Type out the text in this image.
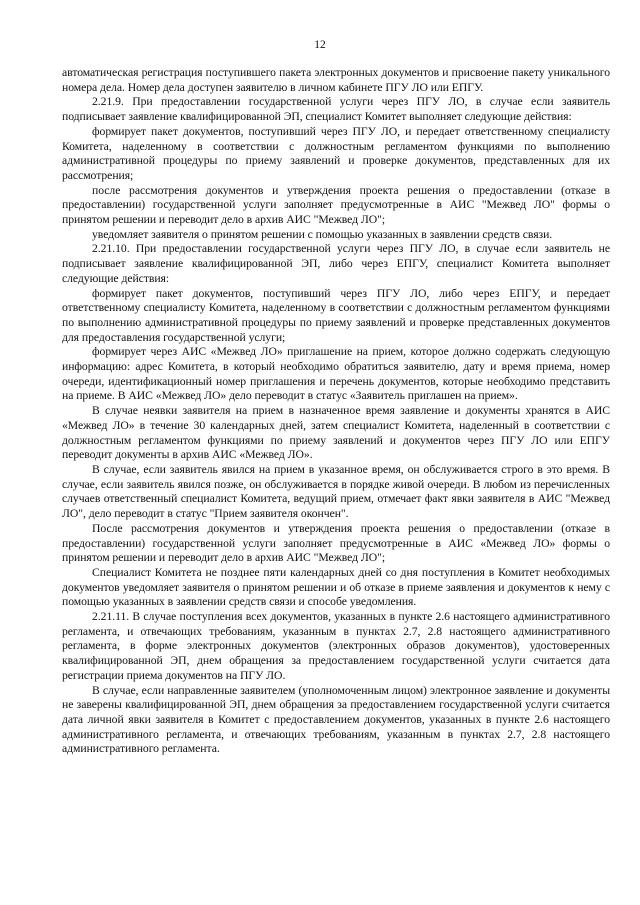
12

автоматическая регистрация поступившего пакета электронных документов и присвоение пакету уникального номера дела. Номер дела доступен заявителю в личном кабинете ПГУ ЛО или ЕПГУ.

2.21.9. При предоставлении государственной услуги через ПГУ ЛО, в случае если заявитель подписывает заявление квалифицированной ЭП, специалист Комитет выполняет следующие действия:

формирует пакет документов, поступивший через ПГУ ЛО, и передает ответственному специалисту Комитета, наделенному в соответствии с должностным регламентом функциями по выполнению административной процедуры по приему заявлений и проверке документов, представленных для их рассмотрения;

после рассмотрения документов и утверждения проекта решения о предоставлении (отказе в предоставлении) государственной услуги заполняет предусмотренные в АИС "Межвед ЛО" формы о принятом решении и переводит дело в архив АИС "Межвед ЛО";

уведомляет заявителя о принятом решении с помощью указанных в заявлении средств связи.

2.21.10. При предоставлении государственной услуги через ПГУ ЛО, в случае если заявитель не подписывает заявление квалифицированной ЭП, либо через ЕПГУ, специалист Комитета выполняет следующие действия:

формирует пакет документов, поступивший через ПГУ ЛО, либо через ЕПГУ, и передает ответственному специалисту Комитета, наделенному в соответствии с должностным регламентом функциями по выполнению административной процедуры по приему заявлений и проверке представленных документов для предоставления государственной услуги;

формирует через АИС «Межвед ЛО» приглашение на прием, которое должно содержать следующую информацию: адрес Комитета, в который необходимо обратиться заявителю, дату и время приема, номер очереди, идентификационный номер приглашения и перечень документов, которые необходимо представить на приеме. В АИС «Межвед ЛО» дело переводит в статус «Заявитель приглашен на прием».

В случае неявки заявителя на прием в назначенное время заявление и документы хранятся в АИС «Межвед ЛО» в течение 30 календарных дней, затем специалист Комитета, наделенный в соответствии с должностным регламентом функциями по приему заявлений и документов через ПГУ ЛО или ЕПГУ переводит документы в архив АИС «Межвед ЛО».

В случае, если заявитель явился на прием в указанное время, он обслуживается строго в это время. В случае, если заявитель явился позже, он обслуживается в порядке живой очереди. В любом из перечисленных случаев ответственный специалист Комитета, ведущий прием, отмечает факт явки заявителя в АИС "Межвед ЛО", дело переводит в статус "Прием заявителя окончен".

После рассмотрения документов и утверждения проекта решения о предоставлении (отказе в предоставлении) государственной услуги заполняет предусмотренные в АИС «Межвед ЛО» формы о принятом решении и переводит дело в архив АИС "Межвед ЛО";

Специалист Комитета не позднее пяти календарных дней со дня поступления в Комитет необходимых документов уведомляет заявителя о принятом решении и об отказе в приеме заявления и документов к нему с помощью указанных в заявлении средств связи и способе уведомления.

2.21.11. В случае поступления всех документов, указанных в пункте 2.6 настоящего административного регламента, и отвечающих требованиям, указанным в пунктах 2.7, 2.8 настоящего административного регламента, в форме электронных документов (электронных образов документов), удостоверенных квалифицированной ЭП, днем обращения за предоставлением государственной услуги считается дата регистрации приема документов на ПГУ ЛО.

В случае, если направленные заявителем (уполномоченным лицом) электронное заявление и документы не заверены квалифицированной ЭП, днем обращения за предоставлением государственной услуги считается дата личной явки заявителя в Комитет с предоставлением документов, указанных в пункте 2.6 настоящего административного регламента, и отвечающих требованиям, указанным в пунктах 2.7, 2.8 настоящего административного регламента.
